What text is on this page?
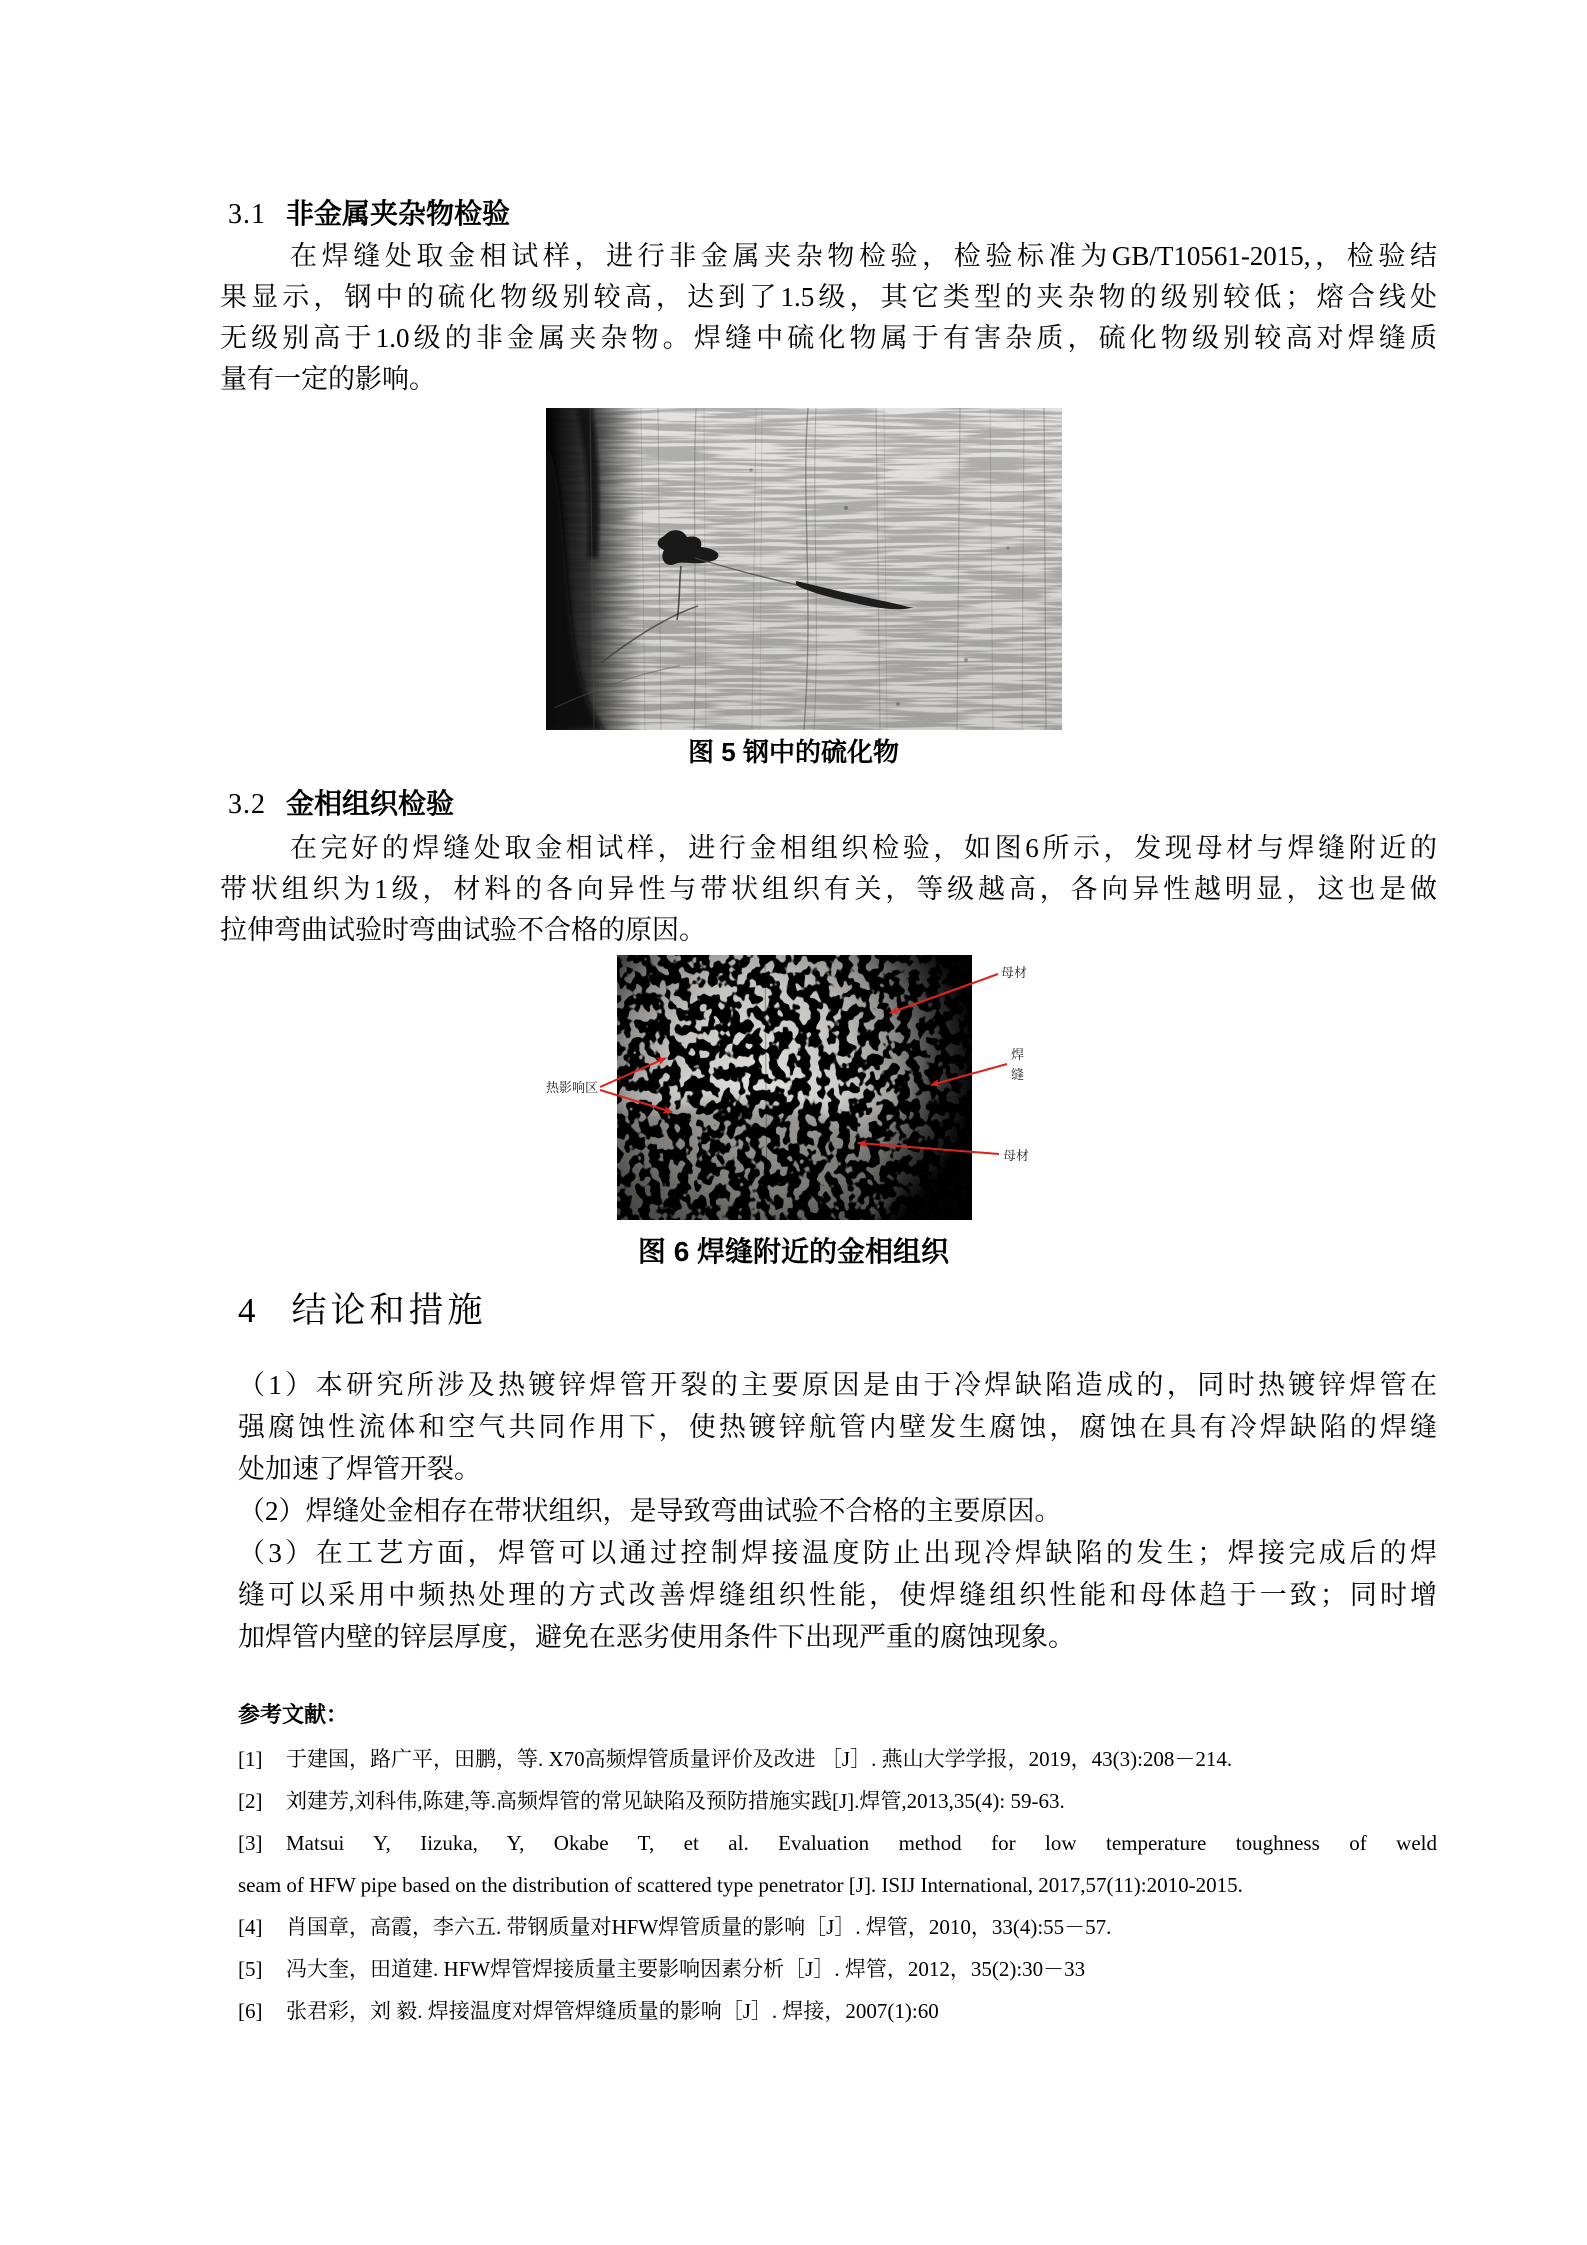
3.1 非金属夹杂物检验
在焊缝处取金相试样，进行非金属夹杂物检验，检验标准为GB/T10561-2015,，检验结
果显示，钢中的硫化物级别较高，达到了1.5级，其它类型的夹杂物的级别较低；熔合线处
无级别高于1.0级的非金属夹杂物。焊缝中硫化物属于有害杂质，硫化物级别较高对焊缝质
量有一定的影响。
图 5 钢中的硫化物
3.2 金相组织检验
在完好的焊缝处取金相试样，进行金相组织检验，如图6所示，发现母材与焊缝附近的
带状组织为1级，材料的各向异性与带状组织有关，等级越高，各向异性越明显，这也是做
拉伸弯曲试验时弯曲试验不合格的原因。
热影响区
母材
焊
缝
母材
图 6 焊缝附近的金相组织
4 结论和措施
（1）本研究所涉及热镀锌焊管开裂的主要原因是由于冷焊缺陷造成的，同时热镀锌焊管在
强腐蚀性流体和空气共同作用下，使热镀锌航管内壁发生腐蚀，腐蚀在具有冷焊缺陷的焊缝
处加速了焊管开裂。
（2）焊缝处金相存在带状组织，是导致弯曲试验不合格的主要原因。
（3）在工艺方面，焊管可以通过控制焊接温度防止出现冷焊缺陷的发生；焊接完成后的焊
缝可以采用中频热处理的方式改善焊缝组织性能，使焊缝组织性能和母体趋于一致；同时增
加焊管内壁的锌层厚度，避免在恶劣使用条件下出现严重的腐蚀现象。
参考文献：
[1] 于建国，路广平，田鹏，等. X70高频焊管质量评价及改进 ［J］. 燕山大学学报，2019，43(3):208－214.
[2] 刘建芳,刘科伟,陈建,等.高频焊管的常见缺陷及预防措施实践[J].焊管,2013,35(4): 59-63.
[3] Matsui Y, Iizuka, Y, Okabe T, et al. Evaluation method for low temperature toughness of weld
seam of HFW pipe based on the distribution of scattered type penetrator [J]. ISIJ International, 2017,57(11):2010-2015.
[4] 肖国章，高霞，李六五. 带钢质量对HFW焊管质量的影响［J］. 焊管，2010，33(4):55－57.
[5] 冯大奎，田道建. HFW焊管焊接质量主要影响因素分析［J］. 焊管，2012，35(2):30－33
[6] 张君彩，刘 毅. 焊接温度对焊管焊缝质量的影响［J］. 焊接，2007(1):60
